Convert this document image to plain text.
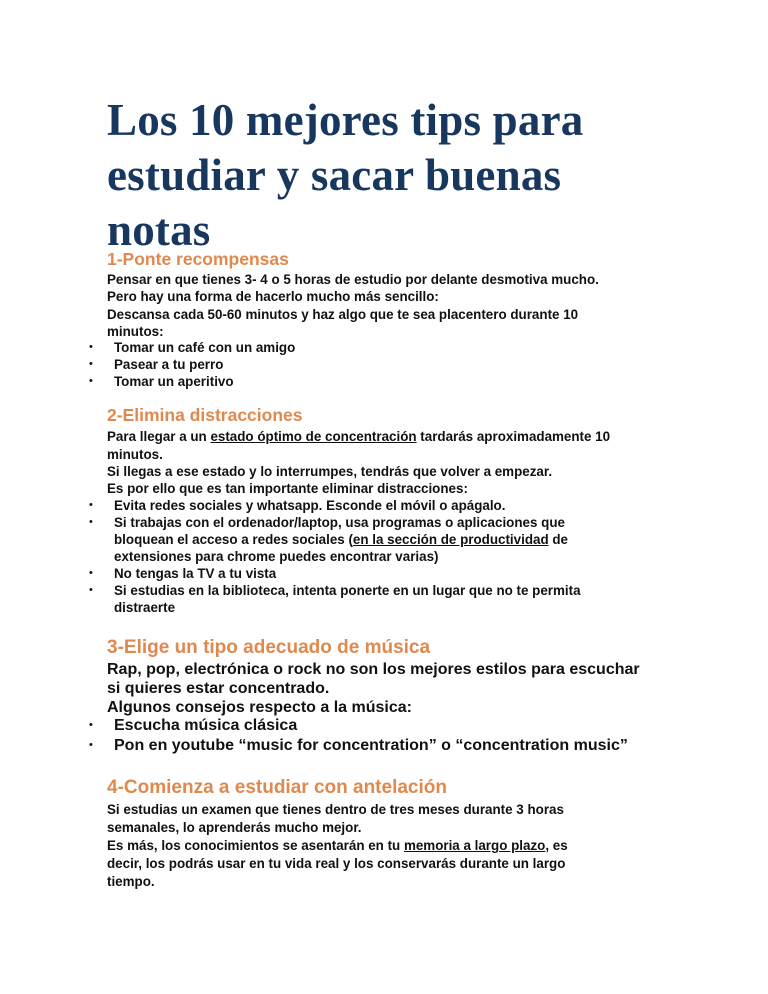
Los 10 mejores tips para estudiar y sacar buenas notas
1-Ponte recompensas

Pensar en que tienes 3- 4 o 5 horas de estudio por delante desmotiva mucho.

Pero hay una forma de hacerlo mucho más sencillo:

Descansa cada 50-60 minutos y haz algo que te sea placentero durante 10

minutos:

• Tomar un café con un amigo

• Pasear a tu perro

• Tomar un aperitivo

2-Elimina distracciones

Para llegar a un estado óptimo de concentración tardarás aproximadamente 10

minutos.

Si llegas a ese estado y lo interrumpes, tendrás que volver a empezar.

Es por ello que es tan importante eliminar distracciones:

• Evita redes sociales y whatsapp. Esconde el móvil o apágalo.

• Si trabajas con el ordenador/laptop, usa programas o aplicaciones que

bloquean el acceso a redes sociales (en la sección de productividad de

extensiones para chrome puedes encontrar varias)

• No tengas la TV a tu vista

• Si estudias en la biblioteca, intenta ponerte en un lugar que no te permita

distraerte

3-Elige un tipo adecuado de música

Rap, pop, electrónica o rock no son los mejores estilos para escuchar

si quieres estar concentrado.

Algunos consejos respecto a la música:

• Escucha música clásica

• Pon en youtube “music for concentration” o “concentration music”

4-Comienza a estudiar con antelación

Si estudias un examen que tienes dentro de tres meses durante 3 horas

semanales, lo aprenderás mucho mejor.

Es más, los conocimientos se asentarán en tu memoria a largo plazo, es

decir, los podrás usar en tu vida real y los conservarás durante un largo

tiempo.
